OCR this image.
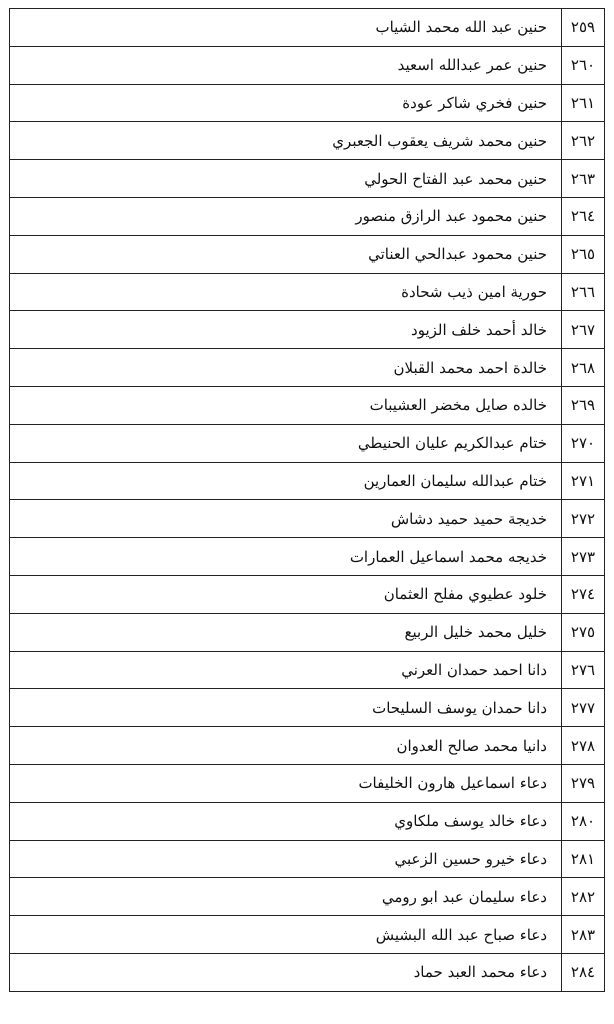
٢٥٩	حنين عبد الله محمد الشياب
٢٦٠	حنين عمر عبدالله اسعيد
٢٦١	حنين فخري شاكر عودة
٢٦٢	حنين محمد شريف يعقوب الجعبري
٢٦٣	حنين محمد عبد الفتاح الحولي
٢٦٤	حنين محمود عبد الرازق منصور
٢٦٥	حنين محمود عبدالحي العناتي
٢٦٦	حورية امين ذيب شحادة
٢٦٧	خالد أحمد خلف الزيود
٢٦٨	خالدة احمد محمد القبلان
٢٦٩	خالده صايل مخضر العشيبات
٢٧٠	ختام عبدالكريم عليان الحنيطي
٢٧١	ختام عبدالله سليمان العمارين
٢٧٢	خديجة حميد حميد دشاش
٢٧٣	خديجه محمد اسماعيل العمارات
٢٧٤	خلود عطيوي مفلح العثمان
٢٧٥	خليل محمد خليل الربيع
٢٧٦	دانا احمد حمدان العرني
٢٧٧	دانا حمدان يوسف السليحات
٢٧٨	دانيا محمد صالح العدوان
٢٧٩	دعاء اسماعيل هارون الخليفات
٢٨٠	دعاء خالد يوسف ملكاوي
٢٨١	دعاء خيرو حسين الزعبي
٢٨٢	دعاء سليمان عبد ابو رومي
٢٨٣	دعاء صباح عبد الله البشيش
٢٨٤	دعاء محمد العبد حماد
